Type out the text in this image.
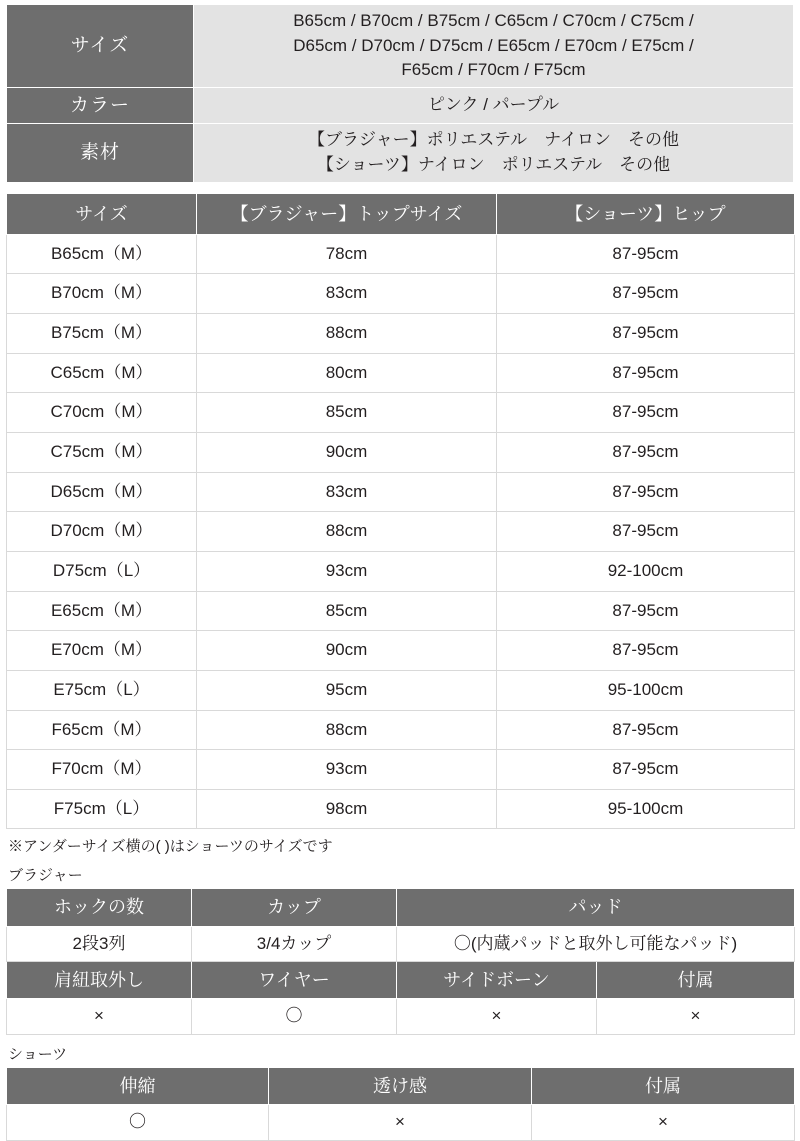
サイズ	B65cm / B70cm / B75cm / C65cm / C70cm / C75cm /
D65cm / D70cm / D75cm / E65cm / E70cm / E75cm /
F65cm / F70cm / F75cm

カラー	ピンク / パープル

素材	【ブラジャー】ポリエステル　ナイロン　その他
【ショーツ】ナイロン　ポリエステル　その他
サイズ	【ブラジャー】トップサイズ	【ショーツ】ヒップ
B65cm（M）	78cm	87-95cm
B70cm（M）	83cm	87-95cm
B75cm（M）	88cm	87-95cm
C65cm（M）	80cm	87-95cm
C70cm（M）	85cm	87-95cm
C75cm（M）	90cm	87-95cm
D65cm（M）	83cm	87-95cm
D70cm（M）	88cm	87-95cm
D75cm（L）	93cm	92-100cm
E65cm（M）	85cm	87-95cm
E70cm（M）	90cm	87-95cm
E75cm（L）	95cm	95-100cm
F65cm（M）	88cm	87-95cm
F70cm（M）	93cm	87-95cm
F75cm（L）	98cm	95-100cm
※アンダーサイズ横の( )はショーツのサイズです
ブラジャー
ホックの数	カップ	パッド	
2段3列	3/4カップ	〇(内蔵パッドと取外し可能なパッド)	
肩紐取外し	ワイヤー	サイドボーン	付属
×	〇	×	×
ショーツ
伸縮	透け感	付属
〇	×	×
